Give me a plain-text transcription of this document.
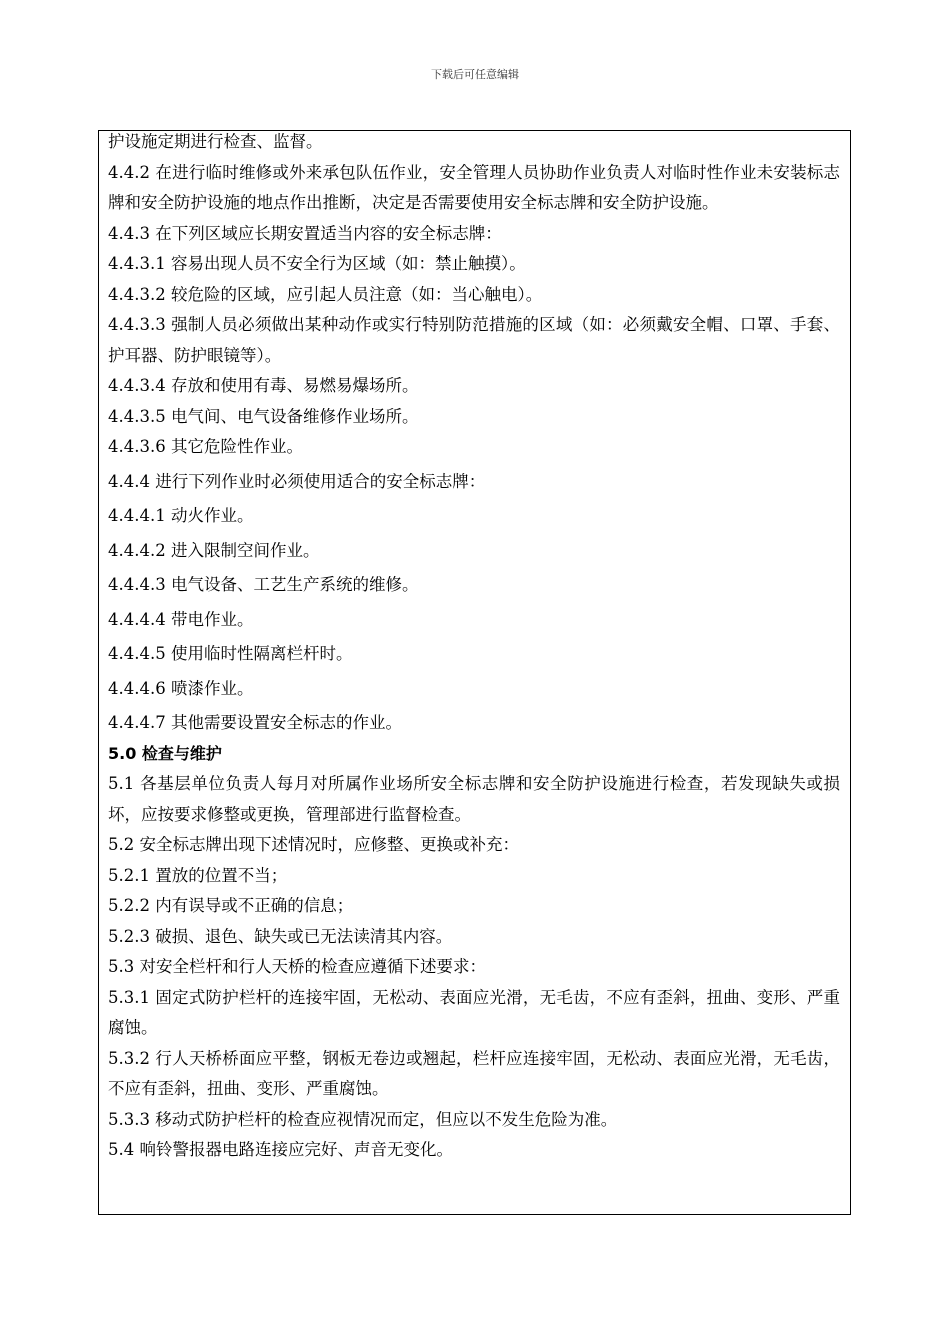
下载后可任意编辑

护设施定期进行检查、监督。

4.4.2 在进行临时维修或外来承包队伍作业，安全管理人员协助作业负责人对临时性作业未安装标志牌和安全防护设施的地点作出推断，决定是否需要使用安全标志牌和安全防护设施。

4.4.3 在下列区域应长期安置适当内容的安全标志牌：

4.4.3.1 容易出现人员不安全行为区域（如：禁止触摸）。

4.4.3.2 较危险的区域，应引起人员注意（如：当心触电）。

4.4.3.3 强制人员必须做出某种动作或实行特别防范措施的区域（如：必须戴安全帽、口罩、手套、护耳器、防护眼镜等）。

4.4.3.4 存放和使用有毒、易燃易爆场所。

4.4.3.5 电气间、电气设备维修作业场所。

4.4.3.6 其它危险性作业。

4.4.4 进行下列作业时必须使用适合的安全标志牌：

4.4.4.1 动火作业。

4.4.4.2 进入限制空间作业。

4.4.4.3 电气设备、工艺生产系统的维修。

4.4.4.4 带电作业。

4.4.4.5 使用临时性隔离栏杆时。

4.4.4.6 喷漆作业。

4.4.4.7 其他需要设置安全标志的作业。

5.0 检查与维护

5.1 各基层单位负责人每月对所属作业场所安全标志牌和安全防护设施进行检查，若发现缺失或损坏，应按要求修整或更换，管理部进行监督检查。

5.2 安全标志牌出现下述情况时，应修整、更换或补充：

5.2.1 置放的位置不当；

5.2.2 内有误导或不正确的信息；

5.2.3 破损、退色、缺失或已无法读清其内容。

5.3 对安全栏杆和行人天桥的检查应遵循下述要求：

5.3.1 固定式防护栏杆的连接牢固，无松动、表面应光滑，无毛齿，不应有歪斜，扭曲、变形、严重腐蚀。

5.3.2 行人天桥桥面应平整，钢板无卷边或翘起，栏杆应连接牢固，无松动、表面应光滑，无毛齿，不应有歪斜，扭曲、变形、严重腐蚀。

5.3.3 移动式防护栏杆的检查应视情况而定，但应以不发生危险为准。

5.4 响铃警报器电路连接应完好、声音无变化。
